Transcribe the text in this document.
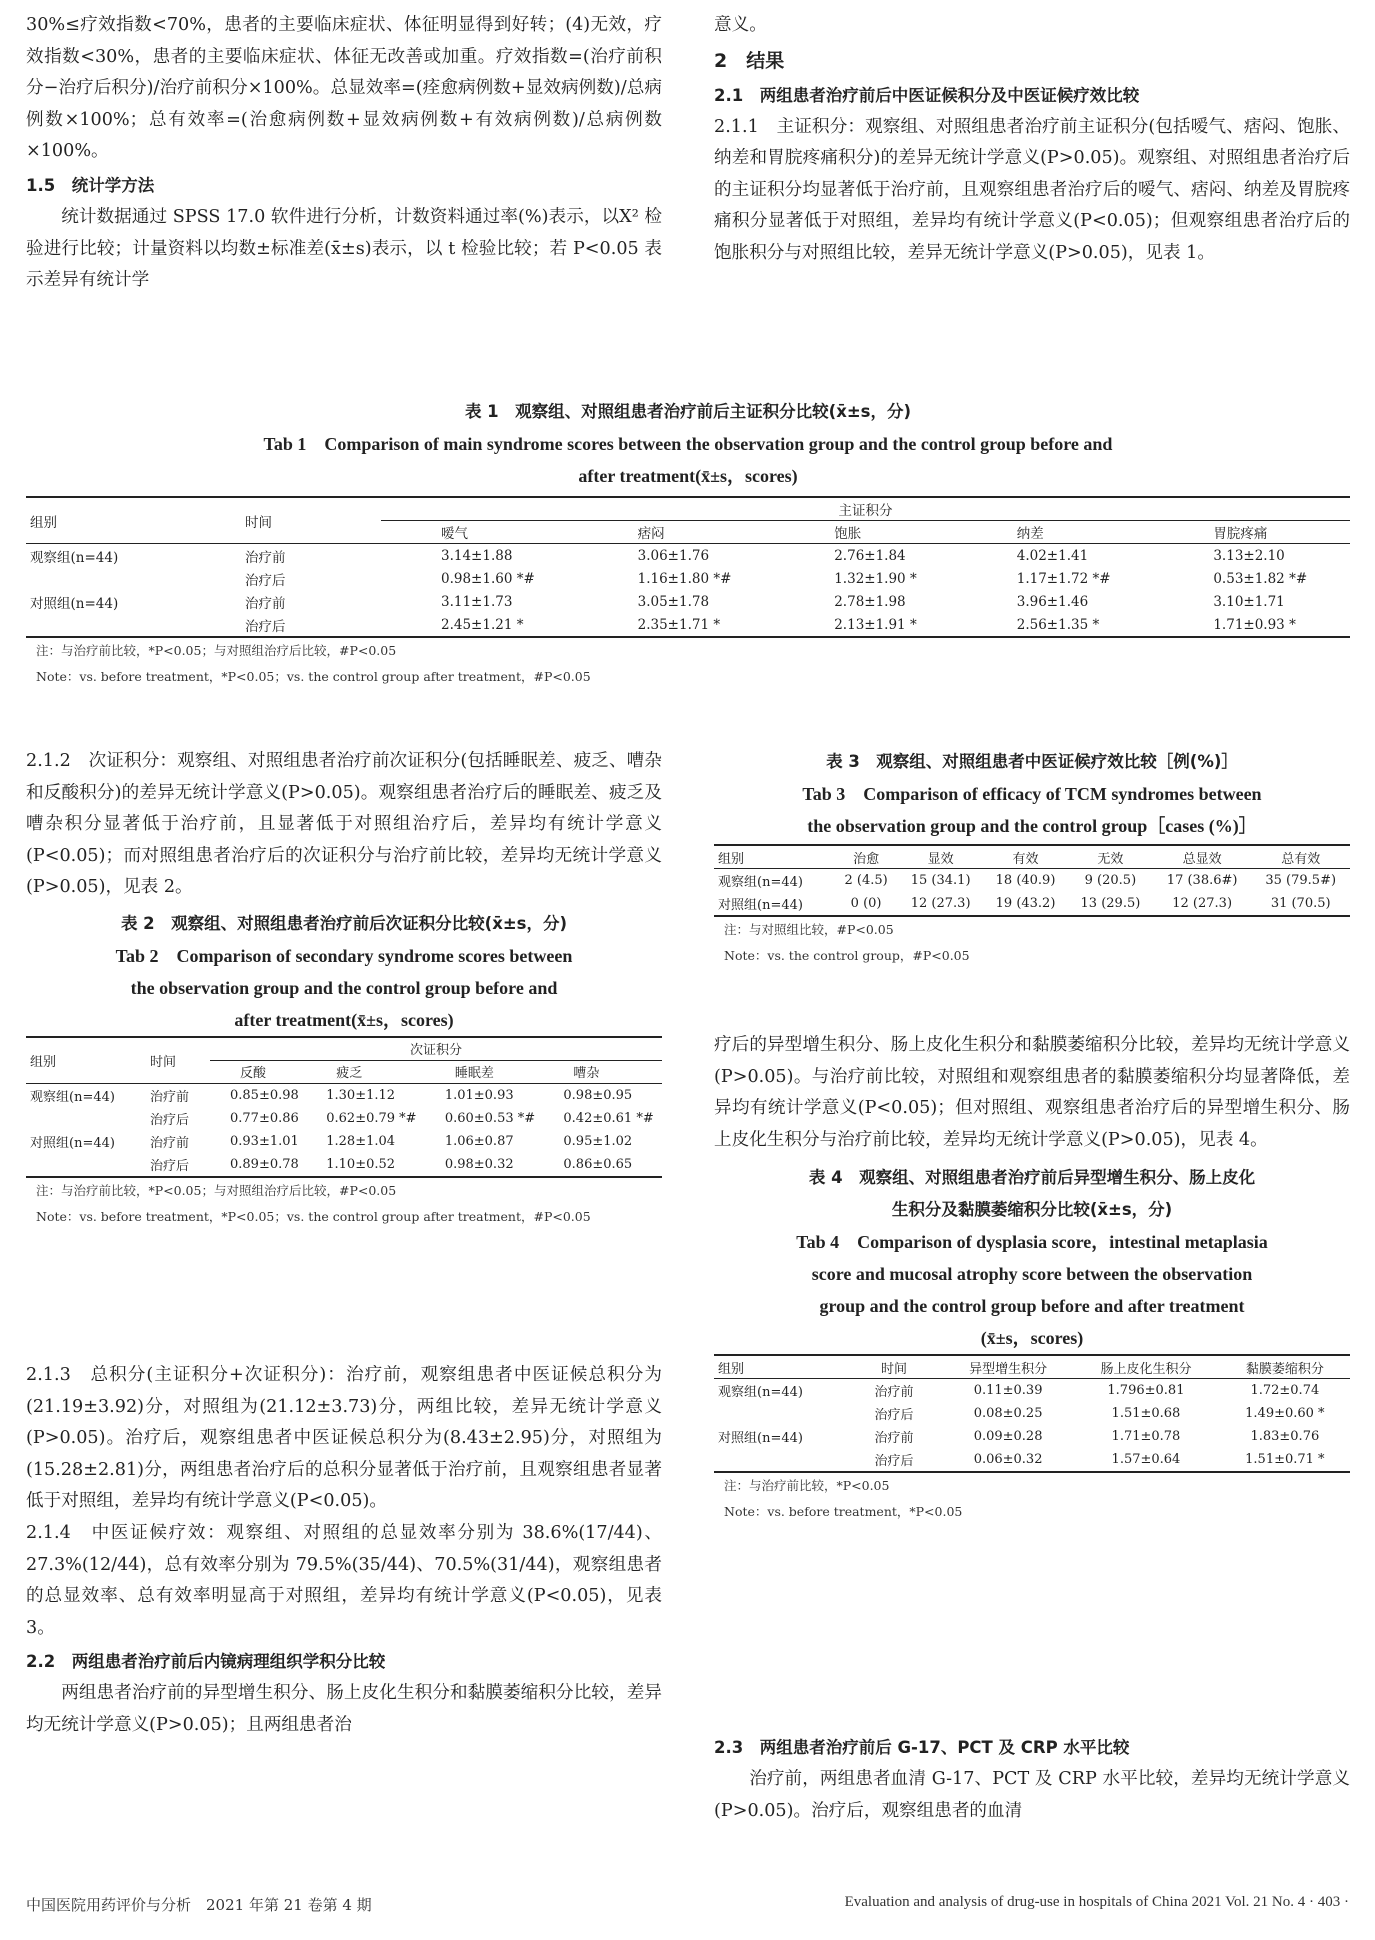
30%≤疗效指数<70%，患者的主要临床症状、体征明显得到好转；(4)无效，疗效指数<30%，患者的主要临床症状、体征无改善或加重。疗效指数=(治疗前积分−治疗后积分)/治疗前积分×100%。总显效率=(痊愈病例数+显效病例数)/总病例数×100%；总有效率=(治愈病例数+显效病例数+有效病例数)/总病例数×100%。

1.5　统计学方法

统计数据通过 SPSS 17.0 软件进行分析，计数资料通过率(%)表示，以X² 检验进行比较；计量资料以均数±标准差(x̄±s)表示，以 t 检验比较；若 P<0.05 表示差异有统计学

意义。

2　结果

2.1　两组患者治疗前后中医证候积分及中医证候疗效比较

2.1.1　主证积分：观察组、对照组患者治疗前主证积分(包括嗳气、痞闷、饱胀、纳差和胃脘疼痛积分)的差异无统计学意义(P>0.05)。观察组、对照组患者治疗后的主证积分均显著低于治疗前，且观察组患者治疗后的嗳气、痞闷、纳差及胃脘疼痛积分显著低于对照组，差异均有统计学意义(P<0.05)；但观察组患者治疗后的饱胀积分与对照组比较，差异无统计学意义(P>0.05)，见表 1。

表 1　观察组、对照组患者治疗前后主证积分比较(x̄±s，分)

Tab 1　Comparison of main syndrome scores between the observation group and the control group before and

after treatment(x̄±s，scores)

组别	时间	主证积分				
		嗳气	痞闷	饱胀	纳差	胃脘疼痛
观察组(n=44)	治疗前	3.14±1.88	3.06±1.76	2.76±1.84	4.02±1.41	3.13±2.10
	治疗后	0.98±1.60 *#	1.16±1.80 *#	1.32±1.90 *	1.17±1.72 *#	0.53±1.82 *#
对照组(n=44)	治疗前	3.11±1.73	3.05±1.78	2.78±1.98	3.96±1.46	3.10±1.71
	治疗后	2.45±1.21 *	2.35±1.71 *	2.13±1.91 *	2.56±1.35 *	1.71±0.93 *

注：与治疗前比较，*P<0.05；与对照组治疗后比较，#P<0.05

Note：vs. before treatment，*P<0.05；vs. the control group after treatment，#P<0.05

2.1.2　次证积分：观察组、对照组患者治疗前次证积分(包括睡眠差、疲乏、嘈杂和反酸积分)的差异无统计学意义(P>0.05)。观察组患者治疗后的睡眠差、疲乏及嘈杂积分显著低于治疗前，且显著低于对照组治疗后，差异均有统计学意义(P<0.05)；而对照组患者治疗后的次证积分与治疗前比较，差异均无统计学意义(P>0.05)，见表 2。

表 2　观察组、对照组患者治疗前后次证积分比较(x̄±s，分)

Tab 2　Comparison of secondary syndrome scores between

the observation group and the control group before and

after treatment(x̄±s，scores)

组别	时间	次证积分			
		反酸	疲乏	睡眠差	嘈杂
观察组(n=44)	治疗前	0.85±0.98	1.30±1.12	1.01±0.93	0.98±0.95
	治疗后	0.77±0.86	0.62±0.79 *#	0.60±0.53 *#	0.42±0.61 *#
对照组(n=44)	治疗前	0.93±1.01	1.28±1.04	1.06±0.87	0.95±1.02
	治疗后	0.89±0.78	1.10±0.52	0.98±0.32	0.86±0.65

注：与治疗前比较，*P<0.05；与对照组治疗后比较，#P<0.05

Note：vs. before treatment，*P<0.05；vs. the control group after treatment，#P<0.05

2.1.3　总积分(主证积分+次证积分)：治疗前，观察组患者中医证候总积分为(21.19±3.92)分，对照组为(21.12±3.73)分，两组比较，差异无统计学意义(P>0.05)。治疗后，观察组患者中医证候总积分为(8.43±2.95)分，对照组为(15.28±2.81)分，两组患者治疗后的总积分显著低于治疗前，且观察组患者显著低于对照组，差异均有统计学意义(P<0.05)。

2.1.4　中医证候疗效：观察组、对照组的总显效率分别为 38.6%(17/44)、27.3%(12/44)，总有效率分别为 79.5%(35/44)、70.5%(31/44)，观察组患者的总显效率、总有效率明显高于对照组，差异均有统计学意义(P<0.05)，见表 3。

2.2　两组患者治疗前后内镜病理组织学积分比较

两组患者治疗前的异型增生积分、肠上皮化生积分和黏膜萎缩积分比较，差异均无统计学意义(P>0.05)；且两组患者治

表 3　观察组、对照组患者中医证候疗效比较［例(%)］

Tab 3　Comparison of efficacy of TCM syndromes between

the observation group and the control group［cases (%)］

组别	治愈	显效	有效	无效	总显效	总有效
观察组(n=44)	2 (4.5)	15 (34.1)	18 (40.9)	9 (20.5)	17 (38.6#)	35 (79.5#)
对照组(n=44)	0 (0)	12 (27.3)	19 (43.2)	13 (29.5)	12 (27.3)	31 (70.5)

注：与对照组比较，#P<0.05

Note：vs. the control group，#P<0.05

疗后的异型增生积分、肠上皮化生积分和黏膜萎缩积分比较，差异均无统计学意义(P>0.05)。与治疗前比较，对照组和观察组患者的黏膜萎缩积分均显著降低，差异均有统计学意义(P<0.05)；但对照组、观察组患者治疗后的异型增生积分、肠上皮化生积分与治疗前比较，差异均无统计学意义(P>0.05)，见表 4。

表 4　观察组、对照组患者治疗前后异型增生积分、肠上皮化

生积分及黏膜萎缩积分比较(x̄±s，分)

Tab 4　Comparison of dysplasia score，intestinal metaplasia

score and mucosal atrophy score between the observation

group and the control group before and after treatment

(x̄±s，scores)

组别	时间	异型增生积分	肠上皮化生积分	黏膜萎缩积分
观察组(n=44)	治疗前	0.11±0.39	1.796±0.81	1.72±0.74
	治疗后	0.08±0.25	1.51±0.68	1.49±0.60 *
对照组(n=44)	治疗前	0.09±0.28	1.71±0.78	1.83±0.76
	治疗后	0.06±0.32	1.57±0.64	1.51±0.71 *

注：与治疗前比较，*P<0.05

Note：vs. before treatment，*P<0.05

2.3　两组患者治疗前后 G-17、PCT 及 CRP 水平比较

治疗前，两组患者血清 G-17、PCT 及 CRP 水平比较，差异均无统计学意义(P>0.05)。治疗后，观察组患者的血清

中国医院用药评价与分析　2021 年第 21 卷第 4 期	Evaluation and analysis of drug-use in hospitals of China 2021 Vol. 21 No. 4 · 403 ·
